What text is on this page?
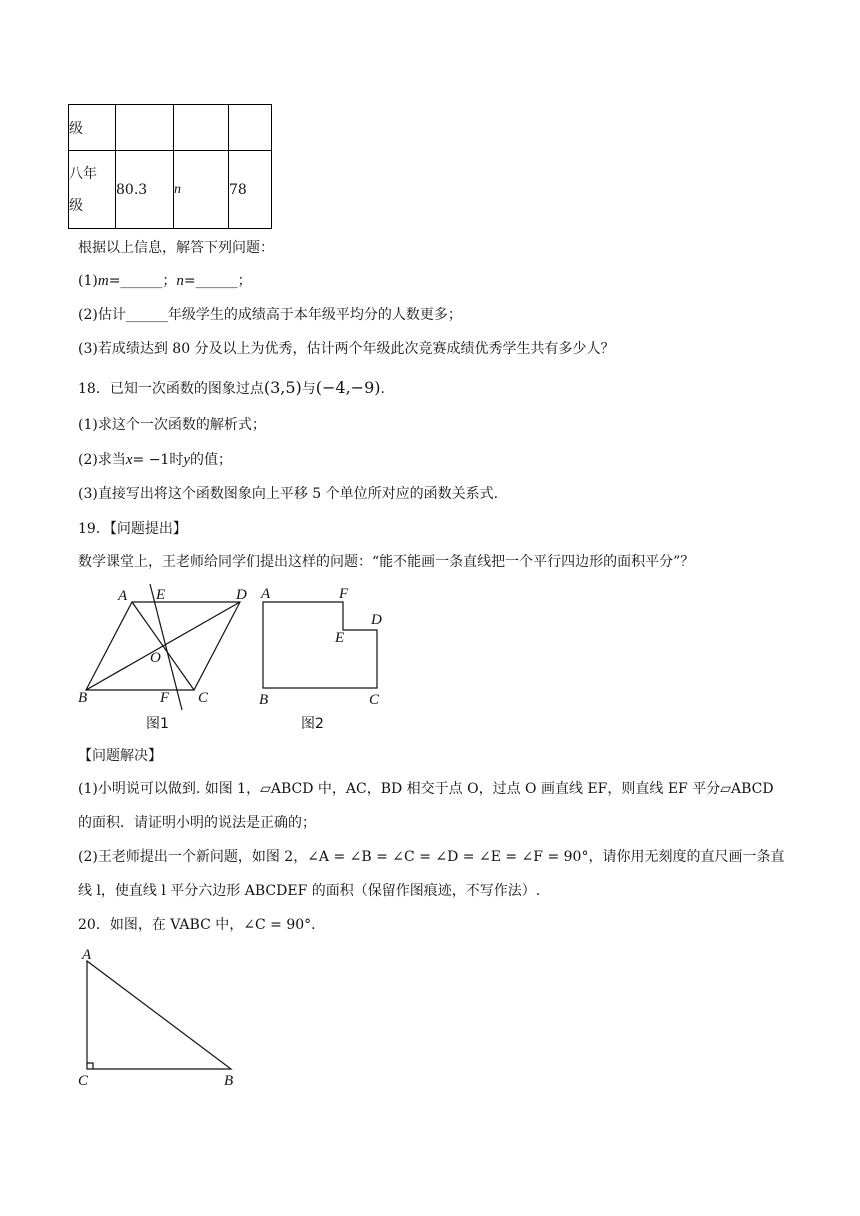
级			

八年
级	80.3	n	78
根据以上信息，解答下列问题：
(1)m=______；n=______；
(2)估计______年级学生的成绩高于本年级平均分的人数更多；
(3)若成绩达到 80 分及以上为优秀，估计两个年级此次竞赛成绩优秀学生共有多少人？
18．已知一次函数的图象过点(3,5)与(−4,−9).
(1)求这个一次函数的解析式；
(2)求当x= −1时y的值；
(3)直接写出将这个函数图象向上平移 5 个单位所对应的函数关系式.
19．【问题提出】
数学课堂上，王老师给同学们提出这样的问题：“能不能画一条直线把一个平行四边形的面积平分”？
A E	D
O
B	F C
图1
A	F
D
E
B	C
图2
【问题解决】
(1)小明说可以做到. 如图 1，▱ABCD 中，AC，BD 相交于点 O，过点 O 画直线 EF，则直线 EF 平分▱ABCD
的面积．请证明小明的说法是正确的；
(2)王老师提出一个新问题，如图 2，∠A = ∠B = ∠C = ∠D = ∠E = ∠F = 90°，请你用无刻度的直尺画一条直
线 l，使直线 l 平分六边形 ABCDEF 的面积（保留作图痕迹，不写作法）.
20．如图，在 VABC 中，∠C = 90°．
A
C	B
